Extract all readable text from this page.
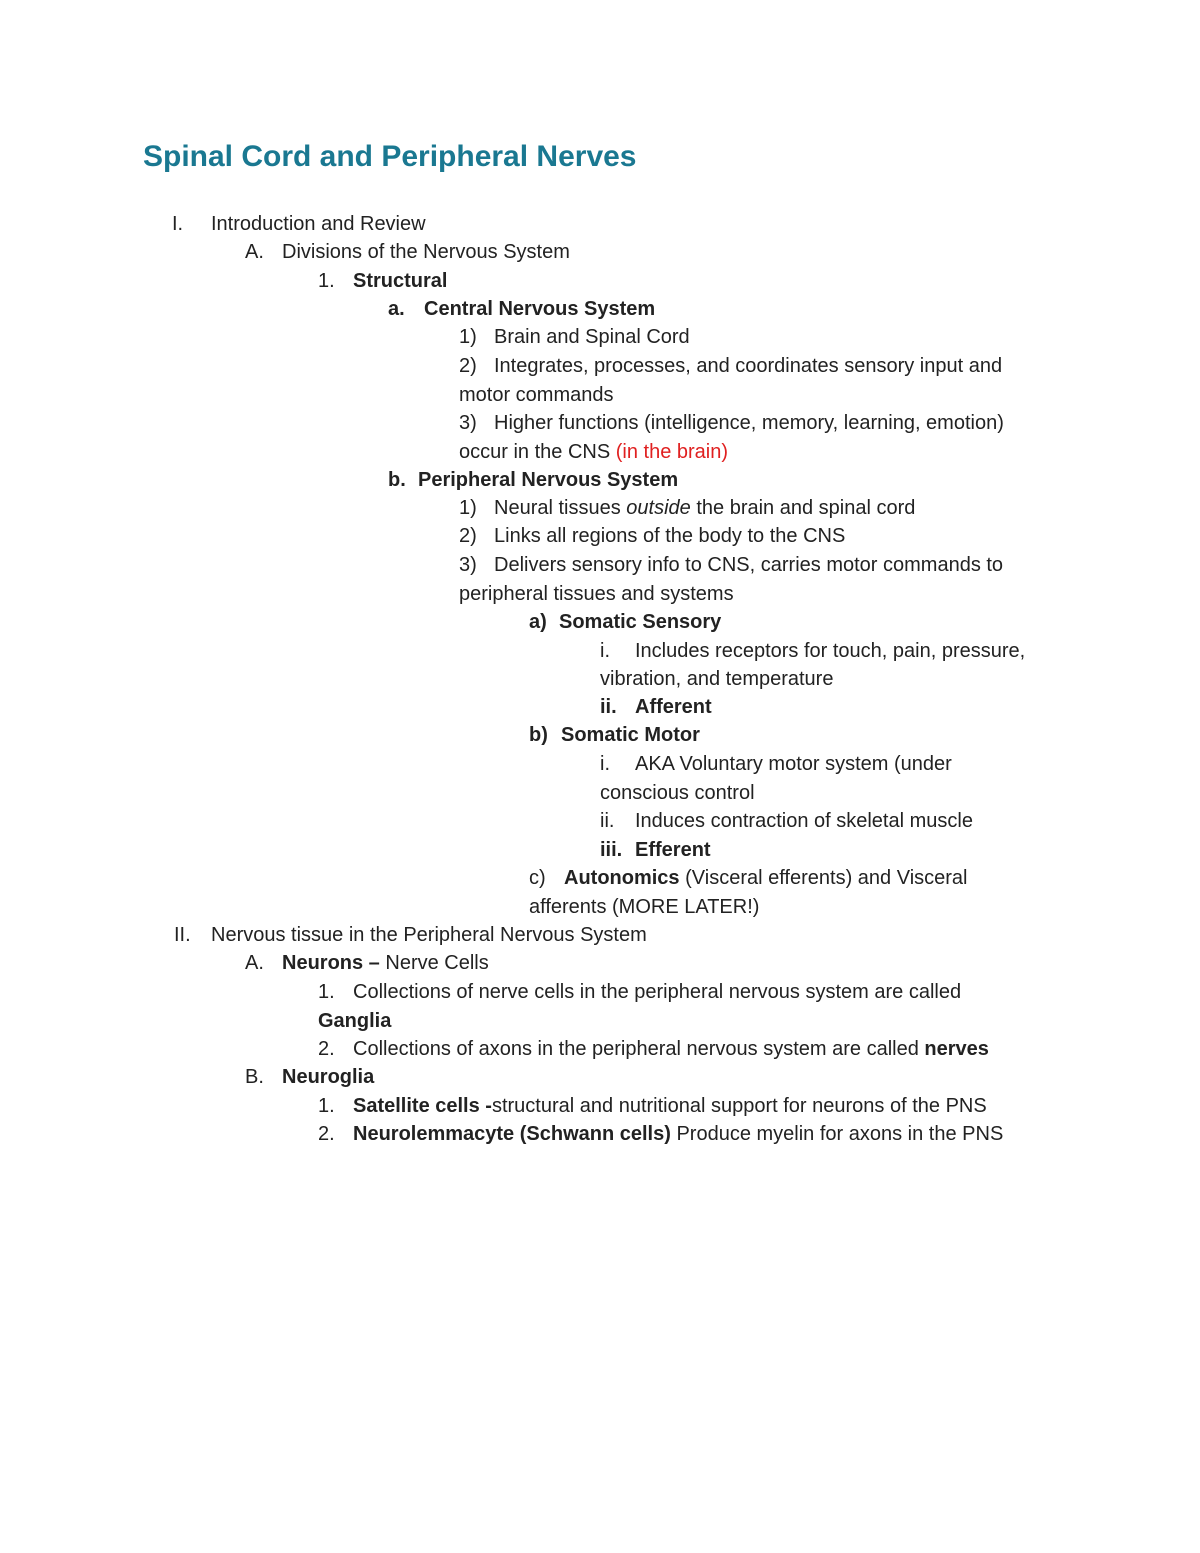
Spinal Cord and Peripheral Nerves
I. Introduction and Review
A. Divisions of the Nervous System
1. Structural
a. Central Nervous System
1) Brain and Spinal Cord
2) Integrates, processes, and coordinates sensory input and
motor commands
3) Higher functions (intelligence, memory, learning, emotion)
occur in the CNS (in the brain)
b. Peripheral Nervous System
1) Neural tissues outside the brain and spinal cord
2) Links all regions of the body to the CNS
3) Delivers sensory info to CNS, carries motor commands to
peripheral tissues and systems
a) Somatic Sensory
i. Includes receptors for touch, pain, pressure,
vibration, and temperature
ii. Afferent
b) Somatic Motor
i. AKA Voluntary motor system (under
conscious control
ii. Induces contraction of skeletal muscle
iii. Efferent
c) Autonomics (Visceral efferents) and Visceral
afferents (MORE LATER!)
II. Nervous tissue in the Peripheral Nervous System
A. Neurons – Nerve Cells
1. Collections of nerve cells in the peripheral nervous system are called
Ganglia
2. Collections of axons in the peripheral nervous system are called nerves
B. Neuroglia
1. Satellite cells -structural and nutritional support for neurons of the PNS
2. Neurolemmacyte (Schwann cells) Produce myelin for axons in the PNS
